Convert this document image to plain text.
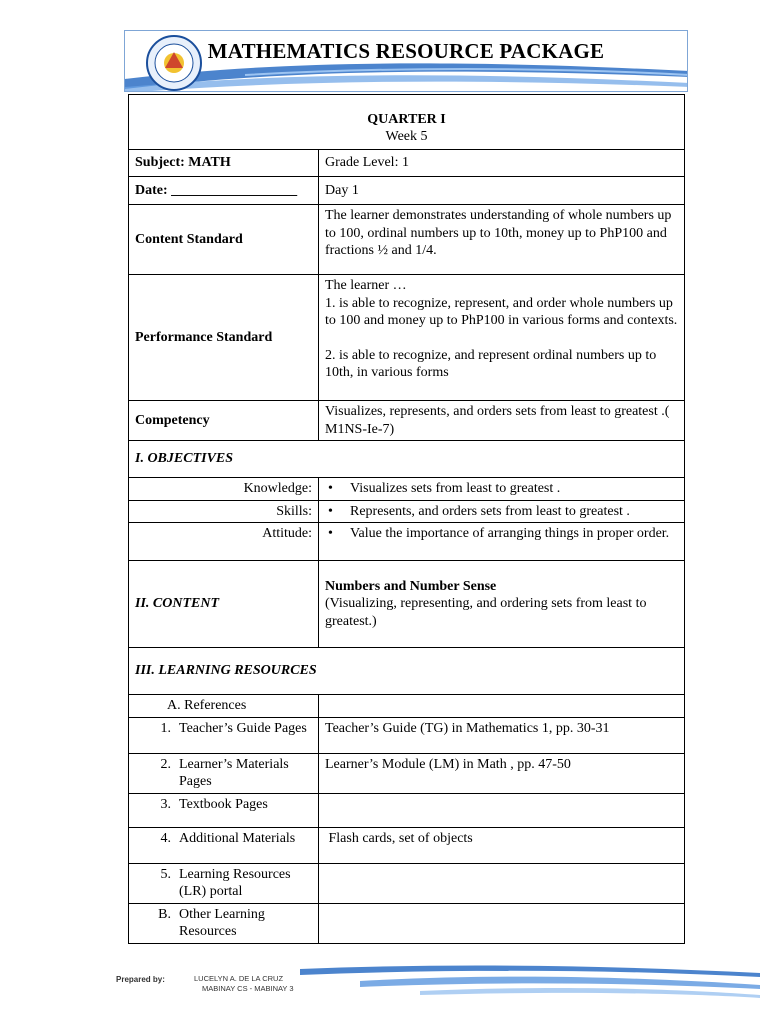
MATHEMATICS RESOURCE PACKAGE
QUARTER I
Week 5	

Subject: MATH	Grade Level: 1
Date: __________________	Day 1
Content Standard	The learner demonstrates understanding of whole numbers up to 100, ordinal numbers up to 10th, money up to PhP100 and fractions ½ and 1/4.
Performance Standard	The learner …
1. is able to recognize, represent, and order whole numbers up to 100 and money up to PhP100 in various forms and contexts.
2. is able to recognize, and represent ordinal numbers up to 10th, in various forms

Competency	Visualizes, represents, and orders sets from least to greatest .( M1NS-Ie-7)
I. OBJECTIVES	
Knowledge:	• Visualizes sets from least to greatest .

Skills:	• Represents, and orders sets from least to greatest .

Attitude:	• Value the importance of arranging things in proper order.

II. CONTENT	Numbers and Number Sense
(Visualizing, representing, and ordering sets from least to greatest.)

III. LEARNING RESOURCES	
A. References	

1. Teacher’s Guide Pages	Teacher’s Guide (TG) in Mathematics 1, pp. 30-31

2. Learner’s Materials Pages	Learner’s Module (LM) in Math , pp. 47-50

3. Textbook Pages	

4. Additional Materials	Flash cards, set of objects

5. Learning Resources (LR) portal	

B. Other Learning Resources	

Prepared by:	LUCELYN A. DE LA CRUZ
MABINAY CS - MABINAY 3
